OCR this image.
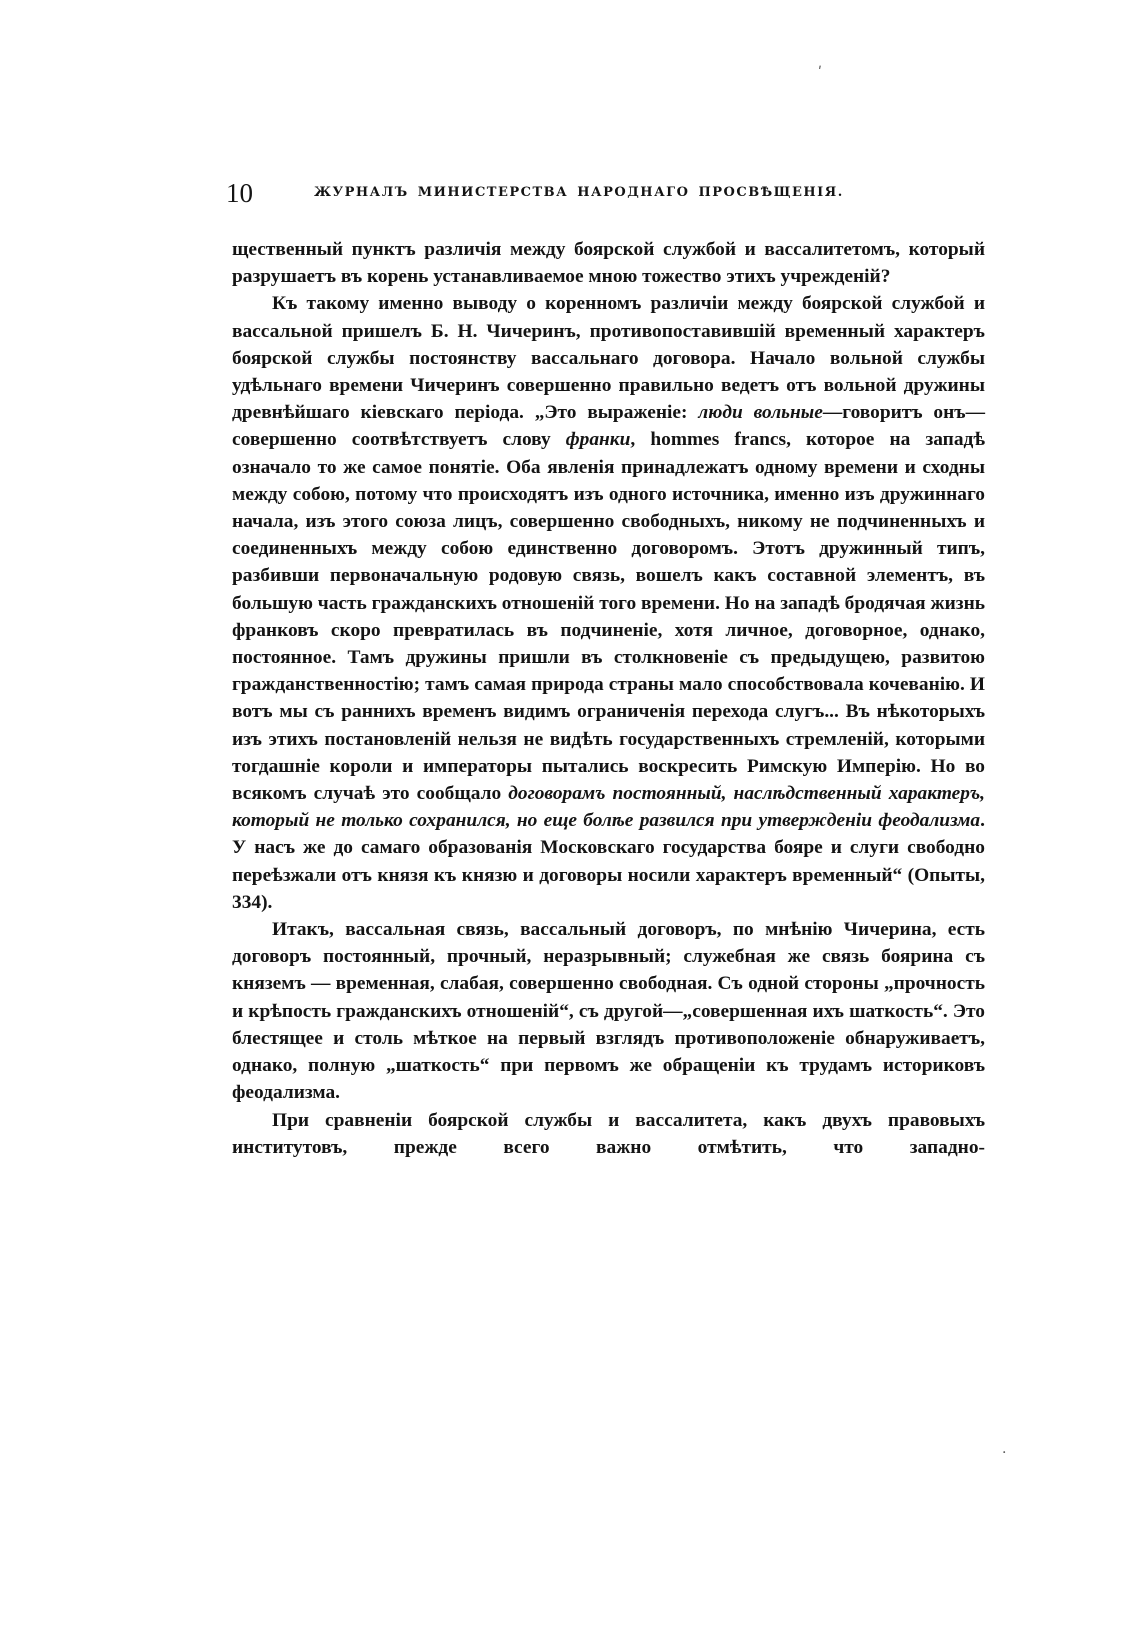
ʹ
10	ЖУРНАЛЪ МИНИСТЕРСТВА НАРОДНАГО ПРОСВѢЩЕНІЯ.

щественный пунктъ различія между боярской службой и вассалитетомъ, который разрушаетъ въ корень устанавливаемое мною тожество этихъ учрежденій?

Къ такому именно выводу о коренномъ различіи между боярской службой и вассальной пришелъ Б. Н. Чичеринъ, противопоставившій временный характеръ боярской службы постоянству вассальнаго договора. Начало вольной службы удѣльнаго времени Чичеринъ совершенно правильно ведетъ отъ вольной дружины древнѣйшаго кіевскаго періода. „Это выраженіе: люди вольные—говоритъ онъ—совершенно соотвѣтствуетъ слову франки, hommes francs, которое на западѣ означало то же самое понятіе. Оба явленія принадлежатъ одному времени и сходны между собою, потому что происходятъ изъ одного источника, именно изъ дружиннаго начала, изъ этого союза лицъ, совершенно свободныхъ, никому не подчиненныхъ и соединенныхъ между собою единственно договоромъ. Этотъ дружинный типъ, разбивши первоначальную родовую связь, вошелъ какъ составной элементъ, въ большую часть гражданскихъ отношеній того времени. Но на западѣ бродячая жизнь франковъ скоро превратилась въ подчиненіе, хотя личное, договорное, однако, постоянное. Тамъ дружины пришли въ столкновеніе съ предыдущею, развитою гражданственностію; тамъ самая природа страны мало способствовала кочеванію. И вотъ мы съ раннихъ временъ видимъ ограниченія перехода слугъ... Въ нѣкоторыхъ изъ этихъ постановленій нельзя не видѣть государственныхъ стремленій, которыми тогдашніе короли и императоры пытались воскресить Римскую Имперію. Но во всякомъ случаѣ это сообщало договорамъ постоянный, наслѣдственный характеръ, который не только сохранился, но еще болѣе развился при утвержденіи феодализма. У насъ же до самаго образованія Московскаго государства бояре и слуги свободно переѣзжали отъ князя къ князю и договоры носили характеръ временный“ (Опыты, 334).

Итакъ, вассальная связь, вассальный договоръ, по мнѣнію Чичерина, есть договоръ постоянный, прочный, неразрывный; служебная же связь боярина съ княземъ — временная, слабая, совершенно свободная. Съ одной стороны „прочность и крѣпость гражданскихъ отношеній“, съ другой—„совершенная ихъ шаткость“. Это блестящее и столь мѣткое на первый взглядъ противоположеніе обнаруживаетъ, однако, полную „шаткость“ при первомъ же обращеніи къ трудамъ историковъ феодализма.

При сравненіи боярской службы и вассалитета, какъ двухъ правовыхъ институтовъ, прежде всего важно отмѣтить, что западно-

·
